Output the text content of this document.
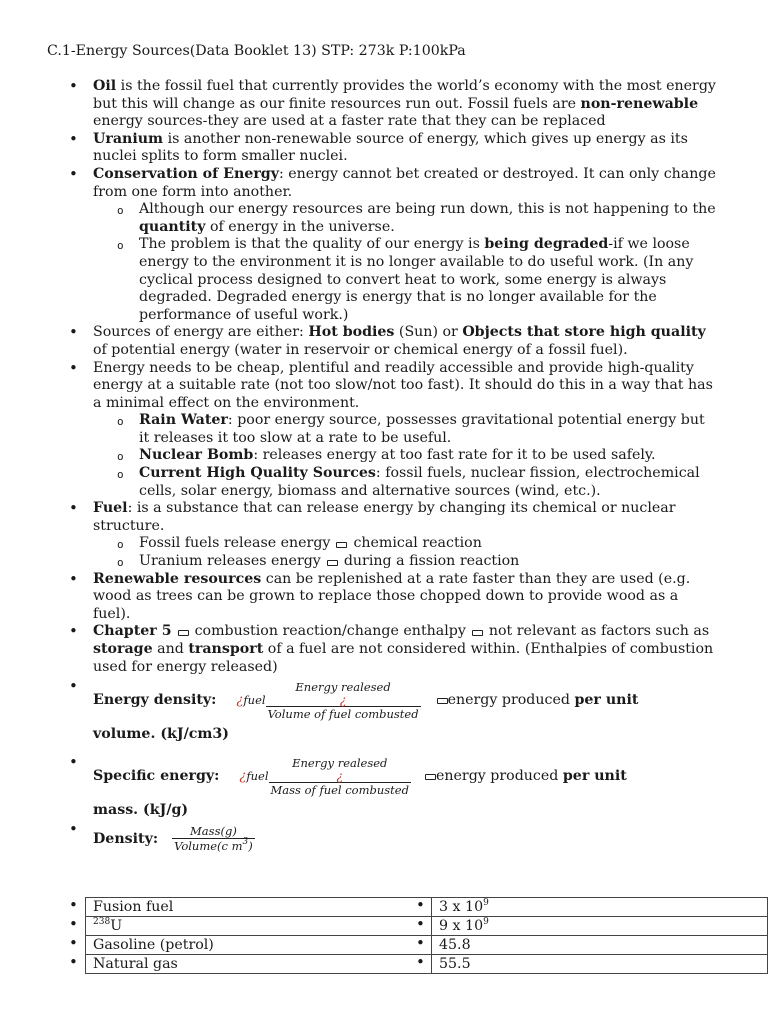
C.1-Energy Sources(Data Booklet 13) STP: 273k P:100kPa
• Oil is the fossil fuel that currently provides the world’s economy with the most energy but this will change as our finite resources run out. Fossil fuels are non-renewable energy sources-they are used at a faster rate that they can be replaced
• Uranium is another non-renewable source of energy, which gives up energy as its nuclei splits to form smaller nuclei.
• Conservation of Energy: energy cannot bet created or destroyed. It can only change from one form into another.
o Although our energy resources are being run down, this is not happening to the quantity of energy in the universe.
o The problem is that the quality of our energy is being degraded-if we loose energy to the environment it is no longer available to do useful work. (In any cyclical process designed to convert heat to work, some energy is always degraded. Degraded energy is energy that is no longer available for the performance of useful work.)
• Sources of energy are either: Hot bodies (Sun) or Objects that store high quality of potential energy (water in reservoir or chemical energy of a fossil fuel).
• Energy needs to be cheap, plentiful and readily accessible and provide high-quality energy at a suitable rate (not too slow/not too fast). It should do this in a way that has a minimal effect on the environment.
o Rain Water: poor energy source, possesses gravitational potential energy but it releases it too slow at a rate to be useful.
o Nuclear Bomb: releases energy at too fast rate for it to be used safely.
o Current High Quality Sources: fossil fuels, nuclear fission, electrochemical cells, solar energy, biomass and alternative sources (wind, etc.).
• Fuel: is a substance that can release energy by changing its chemical or nuclear structure.
o Fossil fuels release energy chemical reaction
o Uranium releases energy during a fission reaction
• Renewable resources can be replenished at a rate faster than they are used (e.g. wood as trees can be grown to replace those chopped down to provide wood as a fuel).
• Chapter 5 combustion reaction/change enthalpy not relevant as factors such as storage and transport of a fuel are not considered within. (Enthalpies of combustion used for energy released)
• Energy density: ¿fuel
Energy realesed
¿
Volume of fuel combusted
energy produced
per unit
volume. (kJ/cm3)
• Specific energy: ¿fuel
Energy realesed
¿
Mass of fuel combusted
energy produced
per unit
mass. (kJ/g)
• Density: $\frac{\text{Mass(g)}}{Volume(c m^3)}$
•
•
•
•
•
•
•
•
Fusion fuel	3 x $10^9$
$^{238}$U	9 x $10^9$
Gasoline (petrol)	45.8
Natural gas	55.5
